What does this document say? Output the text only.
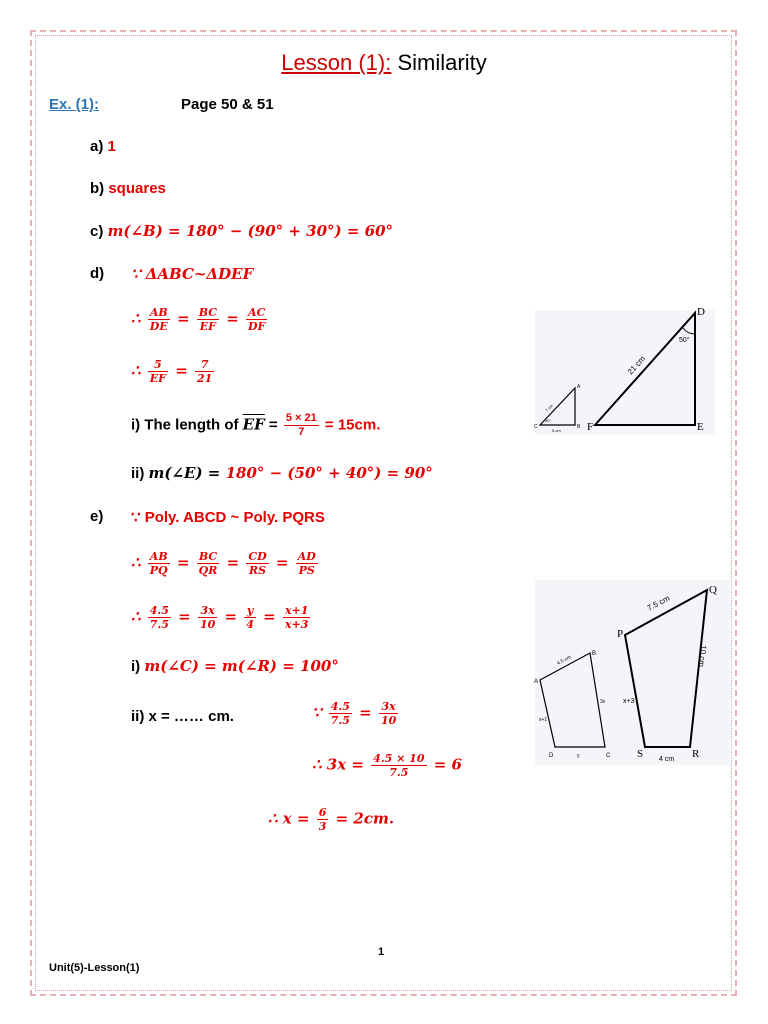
Lesson (1): Similarity
Ex. (1):	Page 50 & 51
a) 1
b) squares
c) m(∠B) = 180° − (90° + 30°) = 60°
d) ∵ ΔABC~ΔDEF
∴ $\frac{AB}{DE} = \frac{BC}{EF} = \frac{AC}{DF}$
∴ $\frac{5}{EF} = \frac{7}{21}$
i) The length of $\overline{EF} = \frac{5 \times 21}{7} = 15cm$.
ii) m(∠E) = 180° − (50° + 40°) = 90°
e) ∵ Poly. ABCD ~ Poly. PQRS
∴ $\frac{AB}{PQ} = \frac{BC}{QR} = \frac{CD}{RS} = \frac{AD}{PS}$
∴ $\frac{4.5}{7.5} = \frac{3x}{10} = \frac{y}{4} = \frac{x+1}{x+3}$
i) m(∠C) = m(∠R) = 100°
ii) x = …… cm.	∵ $\frac{4.5}{7.5} = \frac{3x}{10}$
∴ $3x = \frac{4.5 \times 10}{7.5} = 6$
∴ $x = \frac{6}{3} = 2cm$.
A
B
C
7 cm
5 cm
40°
D
E
F
21 cm
50°
A
B
C
D
4.5 cm
x+1
3x
y
P
Q
R
S
7.5 cm
10 cm
x+3
4 cm
1
Unit(5)-Lesson(1)
